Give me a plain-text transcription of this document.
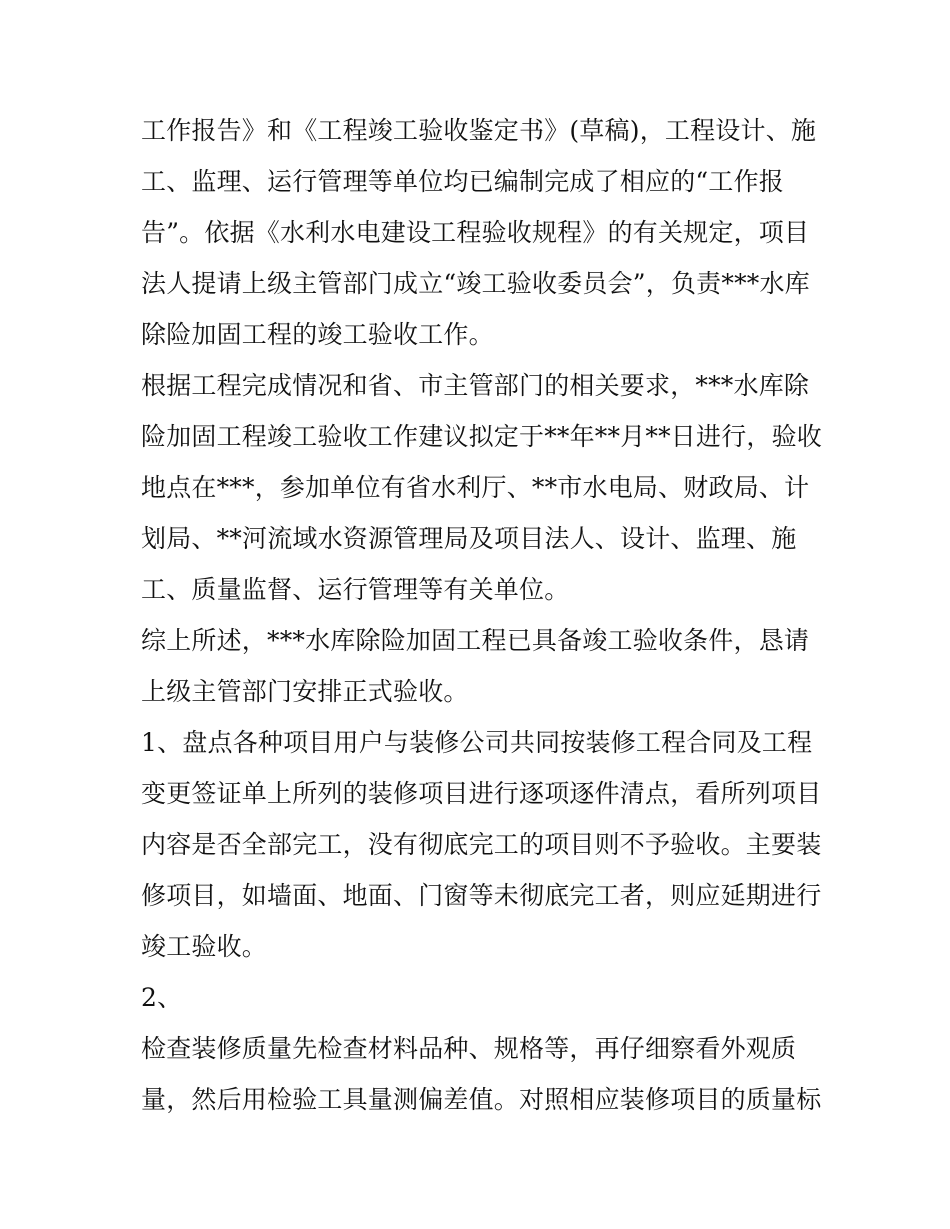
工作报告》和《工程竣工验收鉴定书》(草稿)，工程设计、施
工、监理、运行管理等单位均已编制完成了相应的“工作报
告”。依据《水利水电建设工程验收规程》的有关规定，项目
法人提请上级主管部门成立“竣工验收委员会”，负责***水库
除险加固工程的竣工验收工作。
根据工程完成情况和省、市主管部门的相关要求，***水库除
险加固工程竣工验收工作建议拟定于**年**月**日进行，验收
地点在***，参加单位有省水利厅、**市水电局、财政局、计
划局、**河流域水资源管理局及项目法人、设计、监理、施
工、质量监督、运行管理等有关单位。
综上所述，***水库除险加固工程已具备竣工验收条件，恳请
上级主管部门安排正式验收。
1、盘点各种项目用户与装修公司共同按装修工程合同及工程
变更签证单上所列的装修项目进行逐项逐件清点，看所列项目
内容是否全部完工，没有彻底完工的项目则不予验收。主要装
修项目，如墙面、地面、门窗等未彻底完工者，则应延期进行
竣工验收。
2、
检查装修质量先检查材料品种、规格等，再仔细察看外观质
量，然后用检验工具量测偏差值。对照相应装修项目的质量标
